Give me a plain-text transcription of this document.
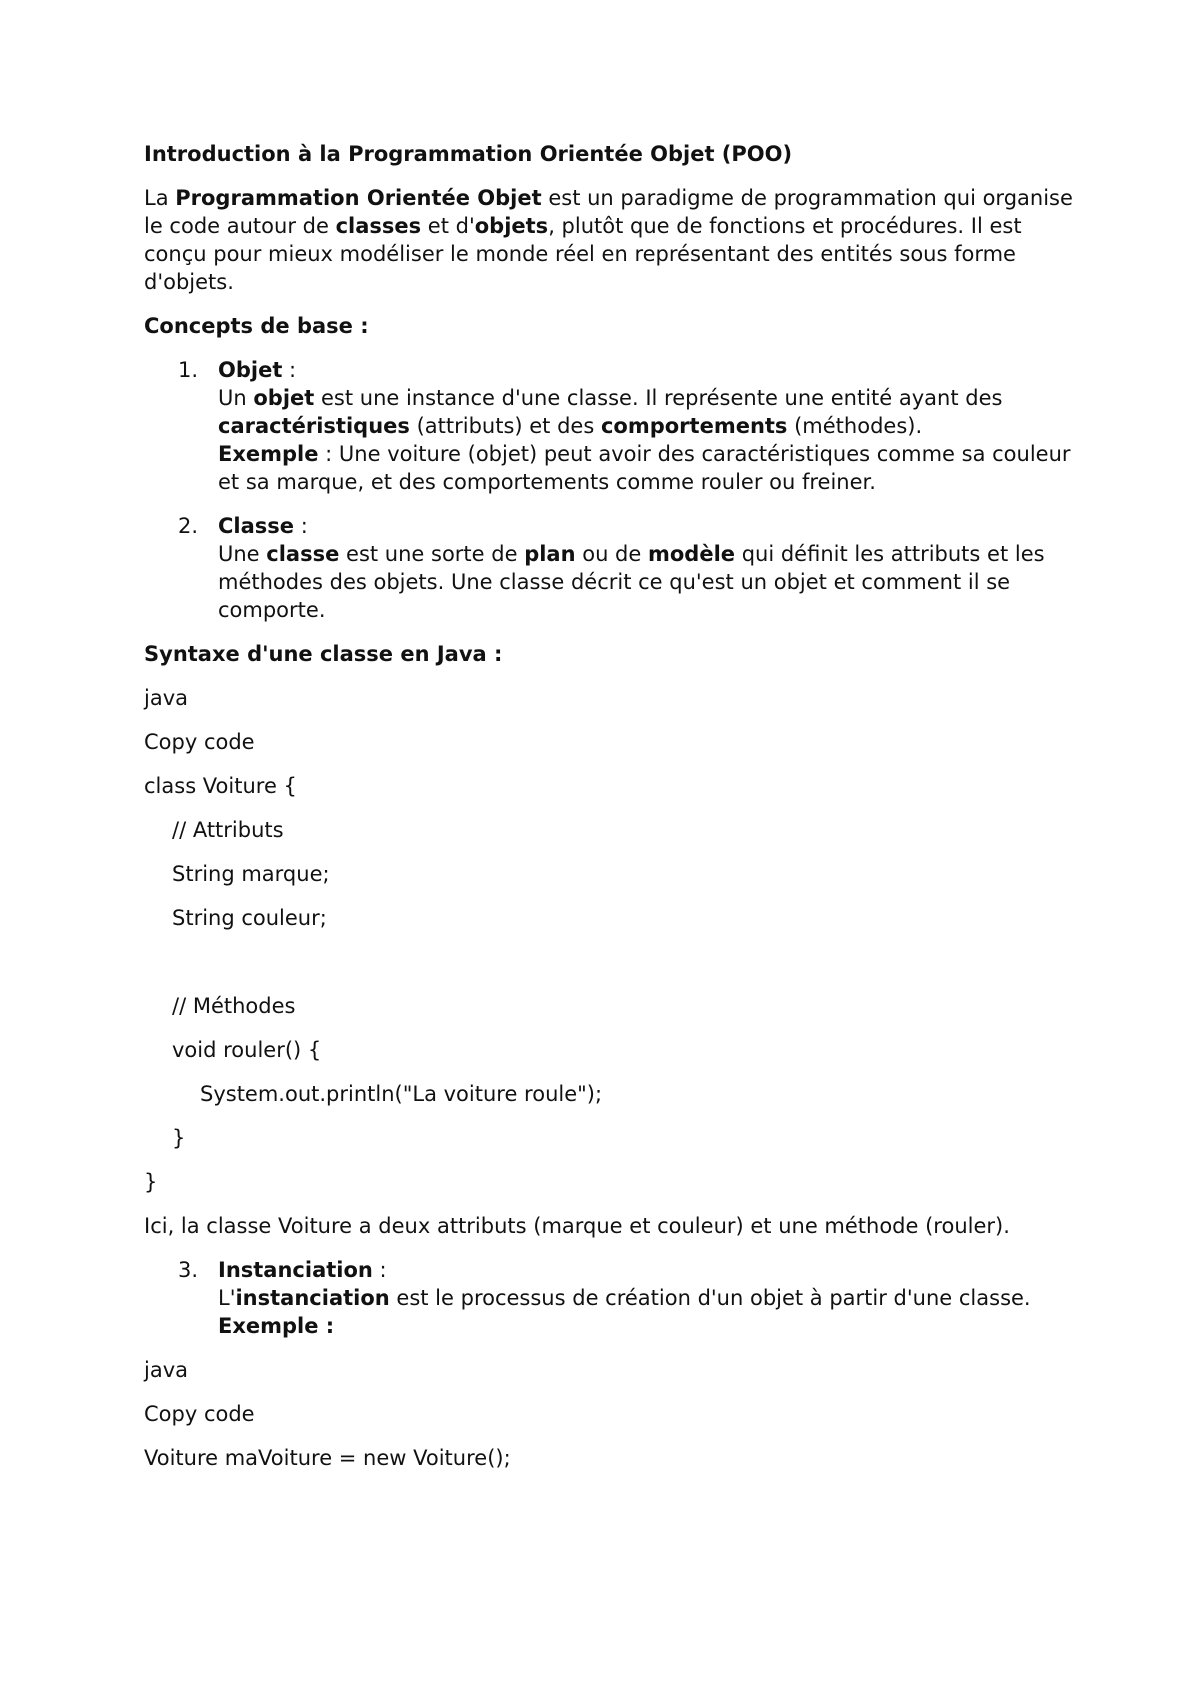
Introduction à la Programmation Orientée Objet (POO)

La Programmation Orientée Objet est un paradigme de programmation qui organise le code autour de classes et d'objets, plutôt que de fonctions et procédures. Il est conçu pour mieux modéliser le monde réel en représentant des entités sous forme d'objets.

Concepts de base :
1. Objet :
Un objet est une instance d'une classe. Il représente une entité ayant des caractéristiques (attributs) et des comportements (méthodes).
Exemple : Une voiture (objet) peut avoir des caractéristiques comme sa couleur et sa marque, et des comportements comme rouler ou freiner.
2. Classe :
Une classe est une sorte de plan ou de modèle qui définit les attributs et les méthodes des objets. Une classe décrit ce qu'est un objet et comment il se comporte.
Syntaxe d'une classe en Java :

java

Copy code

class Voiture {
// Attributs
String marque;
String couleur;
// Méthodes
void rouler() {
System.out.println("La voiture roule");
}
}

Ici, la classe Voiture a deux attributs (marque et couleur) et une méthode (rouler).

3. Instanciation :
L'instanciation est le processus de création d'un objet à partir d'une classe.
Exemple :

java

Copy code

Voiture maVoiture = new Voiture();
